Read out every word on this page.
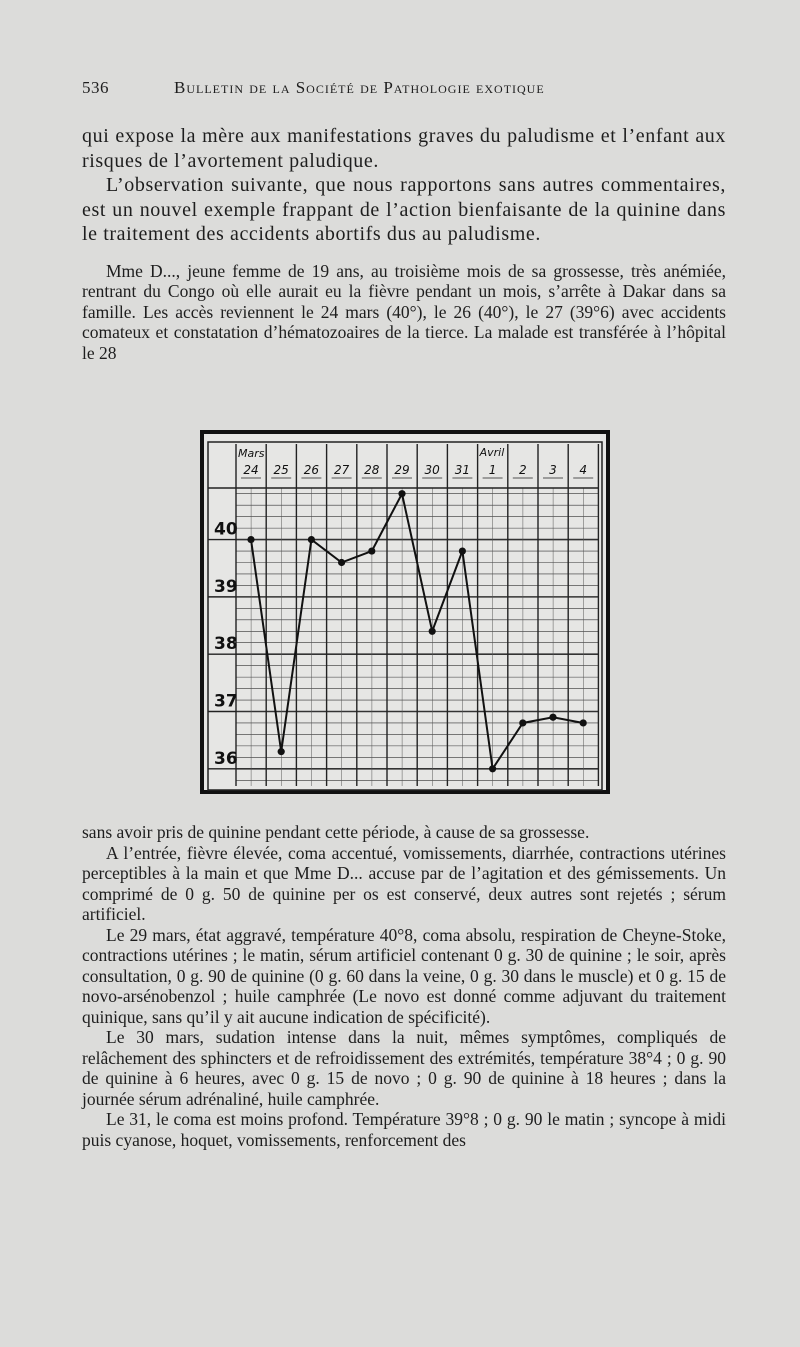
536	Bulletin de la Société de Pathologie exotique

qui expose la mère aux manifestations graves du paludisme et l’enfant aux risques de l’avortement paludique.

L’observation suivante, que nous rapportons sans autres commentaires, est un nouvel exemple frappant de l’action bienfaisante de la quinine dans le traitement des accidents abortifs dus au paludisme.

Mme D..., jeune femme de 19 ans, au troisième mois de sa grossesse, très anémiée, rentrant du Congo où elle aurait eu la fièvre pendant un mois, s’arrête à Dakar dans sa famille. Les accès reviennent le 24 mars (40°), le 26 (40°), le 27 (39°6) avec accidents comateux et constatation d’hématozoaires de la tierce. La malade est transférée à l’hôpital le 28

40
39
38
37
36
Mars	Avril
24 25 26 27 28 29 30 31 1 2 3 4

sans avoir pris de quinine pendant cette période, à cause de sa grossesse.

A l’entrée, fièvre élevée, coma accentué, vomissements, diarrhée, contractions utérines perceptibles à la main et que Mme D... accuse par de l’agitation et des gémissements. Un comprimé de 0 g. 50 de quinine per os est conservé, deux autres sont rejetés ; sérum artificiel.

Le 29 mars, état aggravé, température 40°8, coma absolu, respiration de Cheyne-Stoke, contractions utérines ; le matin, sérum artificiel contenant 0 g. 30 de quinine ; le soir, après consultation, 0 g. 90 de quinine (0 g. 60 dans la veine, 0 g. 30 dans le muscle) et 0 g. 15 de novo-arsénobenzol ; huile camphrée (Le novo est donné comme adjuvant du traitement quinique, sans qu’il y ait aucune indication de spécificité).

Le 30 mars, sudation intense dans la nuit, mêmes symptômes, compliqués de relâchement des sphincters et de refroidissement des extrémités, température 38°4 ; 0 g. 90 de quinine à 6 heures, avec 0 g. 15 de novo ; 0 g. 90 de quinine à 18 heures ; dans la journée sérum adrénaliné, huile camphrée.

Le 31, le coma est moins profond. Température 39°8 ; 0 g. 90 le matin ; syncope à midi puis cyanose, hoquet, vomissements, renforcement des
